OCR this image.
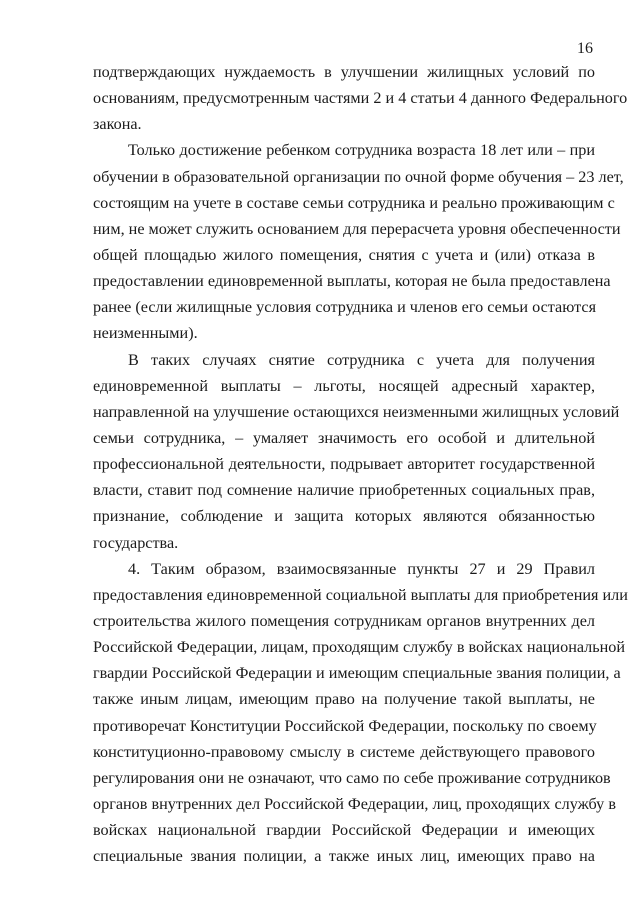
16
подтверждающих нуждаемость в улучшении жилищных условий по
основаниям, предусмотренным частями 2 и 4 статьи 4 данного Федерального
закона.
Только достижение ребенком сотрудника возраста 18 лет или – при
обучении в образовательной организации по очной форме обучения – 23 лет,
состоящим на учете в составе семьи сотрудника и реально проживающим с
ним, не может служить основанием для перерасчета уровня обеспеченности
общей площадью жилого помещения, снятия с учета и (или) отказа в
предоставлении единовременной выплаты, которая не была предоставлена
ранее (если жилищные условия сотрудника и членов его семьи остаются
неизменными).
В таких случаях снятие сотрудника с учета для получения
единовременной выплаты – льготы, носящей адресный характер,
направленной на улучшение остающихся неизменными жилищных условий
семьи сотрудника, – умаляет значимость его особой и длительной
профессиональной деятельности, подрывает авторитет государственной
власти, ставит под сомнение наличие приобретенных социальных прав,
признание, соблюдение и защита которых являются обязанностью
государства.
4. Таким образом, взаимосвязанные пункты 27 и 29 Правил
предоставления единовременной социальной выплаты для приобретения или
строительства жилого помещения сотрудникам органов внутренних дел
Российской Федерации, лицам, проходящим службу в войсках национальной
гвардии Российской Федерации и имеющим специальные звания полиции, а
также иным лицам, имеющим право на получение такой выплаты, не
противоречат Конституции Российской Федерации, поскольку по своему
конституционно-правовому смыслу в системе действующего правового
регулирования они не означают, что само по себе проживание сотрудников
органов внутренних дел Российской Федерации, лиц, проходящих службу в
войсках национальной гвардии Российской Федерации и имеющих
специальные звания полиции, а также иных лиц, имеющих право на
